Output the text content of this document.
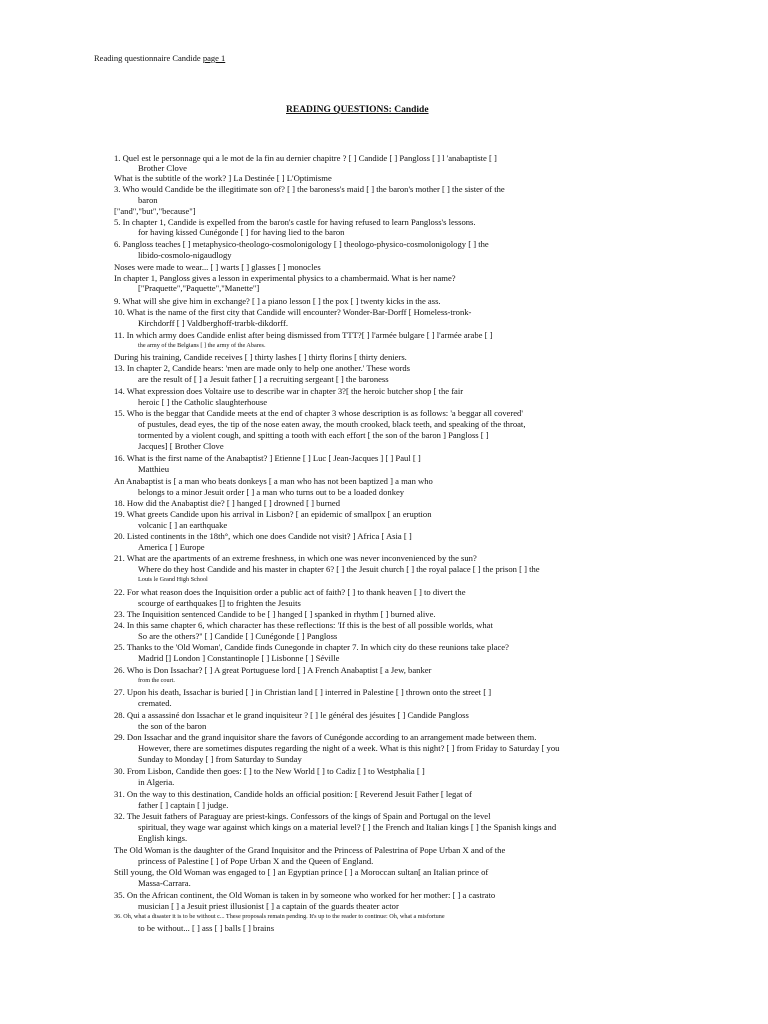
Reading questionnaire Candide page 1
READING QUESTIONS: Candide
1. Quel est le personnage qui a le mot de la fin au dernier chapitre ? [ ] Candide [ ] Pangloss [ ] l 'anabaptiste [ ]
Brother Clove
What is the subtitle of the work? ] La Destinée [ ] L'Optimisme
3. Who would Candide be the illegitimate son of? [ ] the baroness's maid [ ] the baron's mother [ ] the sister of the
baron
["and","but","because"]
5. In chapter 1, Candide is expelled from the baron's castle for having refused to learn Pangloss's lessons.
for having kissed Cunégonde [ ] for having lied to the baron
6. Pangloss teaches [ ] metaphysico-theologo-cosmolonigology [ ] theologo-physico-cosmolonigology [ ] the
libido-cosmolo-nigaudlogy
Noses were made to wear... [ ] warts [ ] glasses [ ] monocles
In chapter 1, Pangloss gives a lesson in experimental physics to a chambermaid. What is her name?
["Praquette","Paquette","Manette"]
9. What will she give him in exchange? [ ] a piano lesson [ ] the pox [ ] twenty kicks in the ass.
10. What is the name of the first city that Candide will encounter? Wonder-Bar-Dorff [ Homeless-tronk-
Kirchdorff [ ] Valdberghoff-trarbk-dikdorff.
11. In which army does Candide enlist after being dismissed from TTT?[ ] l'armée bulgare [ ] l'armée arabe [ ]
the army of the Belgians [ ] the army of the Abares.
During his training, Candide receives [ ] thirty lashes [ ] thirty florins [ thirty deniers.
13. In chapter 2, Candide hears: 'men are made only to help one another.' These words
are the result of [ ] a Jesuit father [ ] a recruiting sergeant [ ] the baroness
14. What expression does Voltaire use to describe war in chapter 3?[ the heroic butcher shop [ the fair
heroic [ ] the Catholic slaughterhouse
15. Who is the beggar that Candide meets at the end of chapter 3 whose description is as follows: 'a beggar all covered'
of pustules, dead eyes, the tip of the nose eaten away, the mouth crooked, black teeth, and speaking of the throat,
tormented by a violent cough, and spitting a tooth with each effort [ the son of the baron ] Pangloss [ ]
Jacques] [ Brother Clove
16. What is the first name of the Anabaptist? ] Etienne [ ] Luc [ Jean-Jacques ] [ ] Paul [ ]
Matthieu
An Anabaptist is [ a man who beats donkeys [ a man who has not been baptized ] a man who
belongs to a minor Jesuit order [ ] a man who turns out to be a loaded donkey
18. How did the Anabaptist die? [ ] hanged [ ] drowned [ ] burned
19. What greets Candide upon his arrival in Lisbon? [ an epidemic of smallpox [ an eruption
volcanic [ ] an earthquake
20. Listed continents in the 18th°, which one does Candide not visit? ] Africa [ Asia [ ]
America [ ] Europe
21. What are the apartments of an extreme freshness, in which one was never inconvenienced by the sun?
Where do they host Candide and his master in chapter 6? [ ] the Jesuit church [ ] the royal palace [ ] the prison [ ] the
Louis le Grand High School
22. For what reason does the Inquisition order a public act of faith? [ ] to thank heaven [ ] to divert the
scourge of earthquakes [] to frighten the Jesuits
23. The Inquisition sentenced Candide to be [ ] hanged [ ] spanked in rhythm [ ] burned alive.
24. In this same chapter 6, which character has these reflections: 'If this is the best of all possible worlds, what
So are the others?'' [ ] Candide [ ] Cunégonde [ ] Pangloss
25. Thanks to the 'Old Woman', Candide finds Cunegonde in chapter 7. In which city do these reunions take place?
Madrid [] London ] Constantinople [ ] Lisbonne [ ] Séville
26. Who is Don Issachar? [ ] A great Portuguese lord [ ] A French Anabaptist [ a Jew, banker
from the court.
27. Upon his death, Issachar is buried [ ] in Christian land [ ] interred in Palestine [ ] thrown onto the street [ ]
cremated.
28. Qui a assassiné don Issachar et le grand inquisiteur ? [ ] le général des jésuites [ ] Candide Pangloss
the son of the baron
29. Don Issachar and the grand inquisitor share the favors of Cunégonde according to an arrangement made between them.
However, there are sometimes disputes regarding the night of a week. What is this night? [ ] from Friday to Saturday [ you
Sunday to Monday [ ] from Saturday to Sunday
30. From Lisbon, Candide then goes: [ ] to the New World [ ] to Cadiz [ ] to Westphalia [ ]
in Algeria.
31. On the way to this destination, Candide holds an official position: [ Reverend Jesuit Father [ legat of
father [ ] captain [ ] judge.
32. The Jesuit fathers of Paraguay are priest-kings. Confessors of the kings of Spain and Portugal on the level
spiritual, they wage war against which kings on a material level? [ ] the French and Italian kings [ ] the Spanish kings and
English kings.
The Old Woman is the daughter of the Grand Inquisitor and the Princess of Palestrina of Pope Urban X and of the
princess of Palestine [ ] of Pope Urban X and the Queen of England.
Still young, the Old Woman was engaged to [ ] an Egyptian prince [ ] a Moroccan sultan[ an Italian prince of
Massa-Carrara.
35. On the African continent, the Old Woman is taken in by someone who worked for her mother: [ ] a castrato
musician [ ] a Jesuit priest illusionist [ ] a captain of the guards theater actor
36. Oh, what a disaster it is to be without c... These proposals remain pending. It's up to the reader to continue: Oh, what a misfortune
to be without... [ ] ass [ ] balls [ ] brains
